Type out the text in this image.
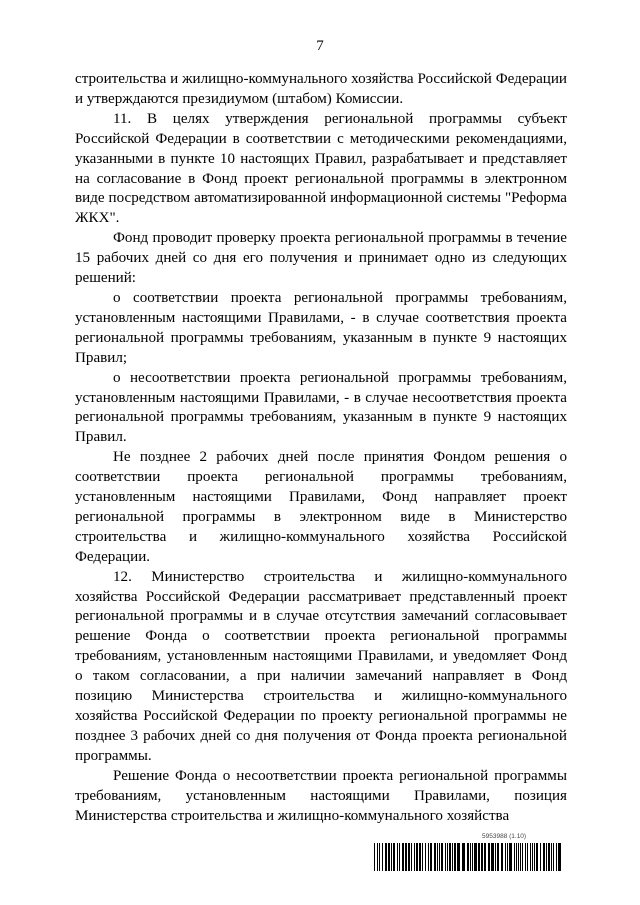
7

строительства и жилищно-коммунального хозяйства Российской Федерации и утверждаются президиумом (штабом) Комиссии.

11. В целях утверждения региональной программы субъект Российской Федерации в соответствии с методическими рекомендациями, указанными в пункте 10 настоящих Правил, разрабатывает и представляет на согласование в Фонд проект региональной программы в электронном виде посредством автоматизированной информационной системы "Реформа ЖКХ".

Фонд проводит проверку проекта региональной программы в течение 15 рабочих дней со дня его получения и принимает одно из следующих решений:

о соответствии проекта региональной программы требованиям, установленным настоящими Правилами, - в случае соответствия проекта региональной программы требованиям, указанным в пункте 9 настоящих Правил;

о несоответствии проекта региональной программы требованиям, установленным настоящими Правилами, - в случае несоответствия проекта региональной программы требованиям, указанным в пункте 9 настоящих Правил.

Не позднее 2 рабочих дней после принятия Фондом решения о соответствии проекта региональной программы требованиям, установленным настоящими Правилами, Фонд направляет проект региональной программы в электронном виде в Министерство строительства и жилищно-коммунального хозяйства Российской Федерации.

12. Министерство строительства и жилищно-коммунального хозяйства Российской Федерации рассматривает представленный проект региональной программы и в случае отсутствия замечаний согласовывает решение Фонда о соответствии проекта региональной программы требованиям, установленным настоящими Правилами, и уведомляет Фонд о таком согласовании, а при наличии замечаний направляет в Фонд позицию Министерства строительства и жилищно-коммунального хозяйства Российской Федерации по проекту региональной программы не позднее 3 рабочих дней со дня получения от Фонда проекта региональной программы.

Решение Фонда о несоответствии проекта региональной программы требованиям, установленным настоящими Правилами, позиция Министерства строительства и жилищно-коммунального хозяйства

5953988 (1.10)
